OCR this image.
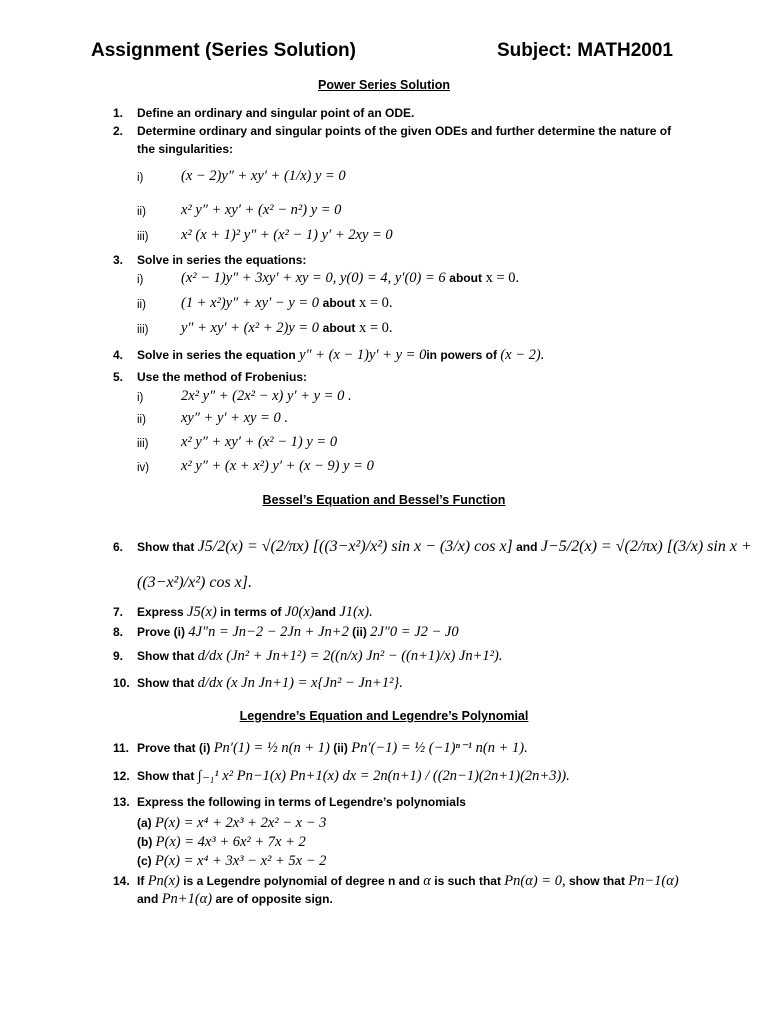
Assignment (Series Solution)	Subject: MATH2001
Power Series Solution
1. Define an ordinary and singular point of an ODE.
2. Determine ordinary and singular points of the given ODEs and further determine the nature of
the singularities:
i)	(x − 2)y″ + xy′ + (1/x) y = 0
ii) x² y″ + xy′ + (x² − n²) y = 0
iii) x² (x + 1)² y″ + (x² − 1) y′ + 2xy = 0
3. Solve in series the equations:
i)	(x² − 1)y″ + 3xy′ + xy = 0, y(0) = 4, y′(0) = 6 about x = 0.
ii) (1 + x²)y″ + xy′ − y = 0 about x = 0.
iii) y″ + xy′ + (x² + 2)y = 0 about x = 0.
4. Solve in series the equation y″ + (x − 1)y′ + y = 0in powers of (x − 2).
5. Use the method of Frobenius:
i)	2x² y″ + (2x² − x) y′ + y = 0 .
ii) xy″ + y′ + xy = 0 .
iii) x² y″ + xy′ + (x² − 1) y = 0
iv) x² y″ + (x + x²) y′ + (x − 9) y = 0
Bessel’s Equation and Bessel’s Function
6. Show that J5/2(x) = √(2/πx) [((3−x²)/x²) sin x − (3/x) cos x] and J−5/2(x) = √(2/πx) [(3/x) sin x +
((3−x²)/x²) cos x].
7. Express J5(x) in terms of J0(x)and J1(x).
8. Prove (i) 4J″n = Jn−2 − 2Jn + Jn+2 (ii) 2J″0 = J2 − J0
9. Show that d/dx (Jn² + Jn+1²) = 2((n/x) Jn² − ((n+1)/x) Jn+1²).
10. Show that d/dx (x Jn Jn+1) = x{Jn² − Jn+1²}.
Legendre’s Equation and Legendre’s Polynomial
11. Prove that (i) Pn′(1) = ½ n(n + 1) (ii) Pn′(−1) = ½ (−1)ⁿ⁻¹ n(n + 1).
12. Show that ∫₋₁¹ x² Pn−1(x) Pn+1(x) dx = 2n(n+1) / ((2n−1)(2n+1)(2n+3)).
13. Express the following in terms of Legendre’s polynomials
(a) P(x) = x⁴ + 2x³ + 2x² − x − 3
(b) P(x) = 4x³ + 6x² + 7x + 2
(c) P(x) = x⁴ + 3x³ − x² + 5x − 2
14. If Pn(x) is a Legendre polynomial of degree n and α is such that Pn(α) = 0, show that Pn−1(α)
and Pn+1(α) are of opposite sign.
